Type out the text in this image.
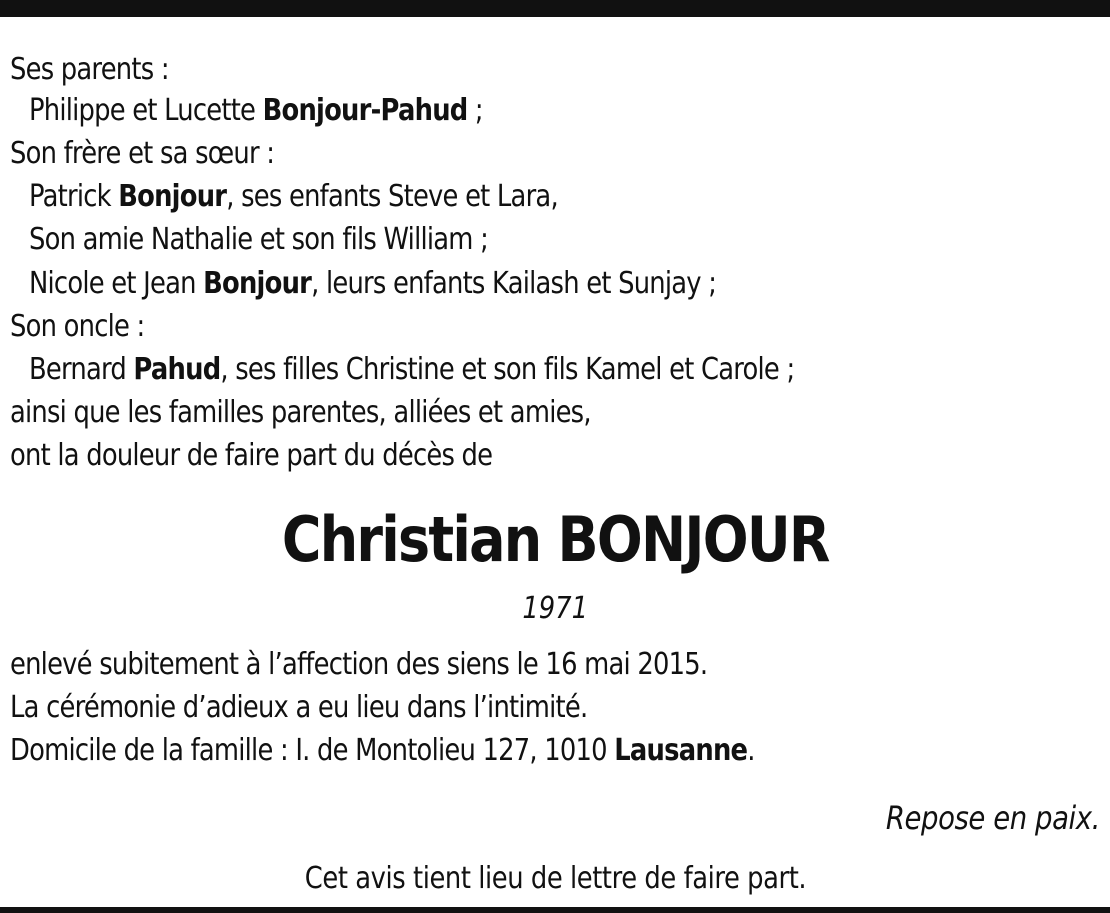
Ses parents :
Philippe et Lucette Bonjour-Pahud ;
Son frère et sa sœur :
Patrick Bonjour, ses enfants Steve et Lara,
Son amie Nathalie et son fils William ;
Nicole et Jean Bonjour, leurs enfants Kailash et Sunjay ;
Son oncle :
Bernard Pahud, ses filles Christine et son fils Kamel et Carole ;
ainsi que les familles parentes, alliées et amies,
ont la douleur de faire part du décès de
Christian BONJOUR
1971
enlevé subitement à l’affection des siens le 16 mai 2015.
La cérémonie d’adieux a eu lieu dans l’intimité.
Domicile de la famille : I. de Montolieu 127, 1010 Lausanne.
Repose en paix.
Cet avis tient lieu de lettre de faire part.
